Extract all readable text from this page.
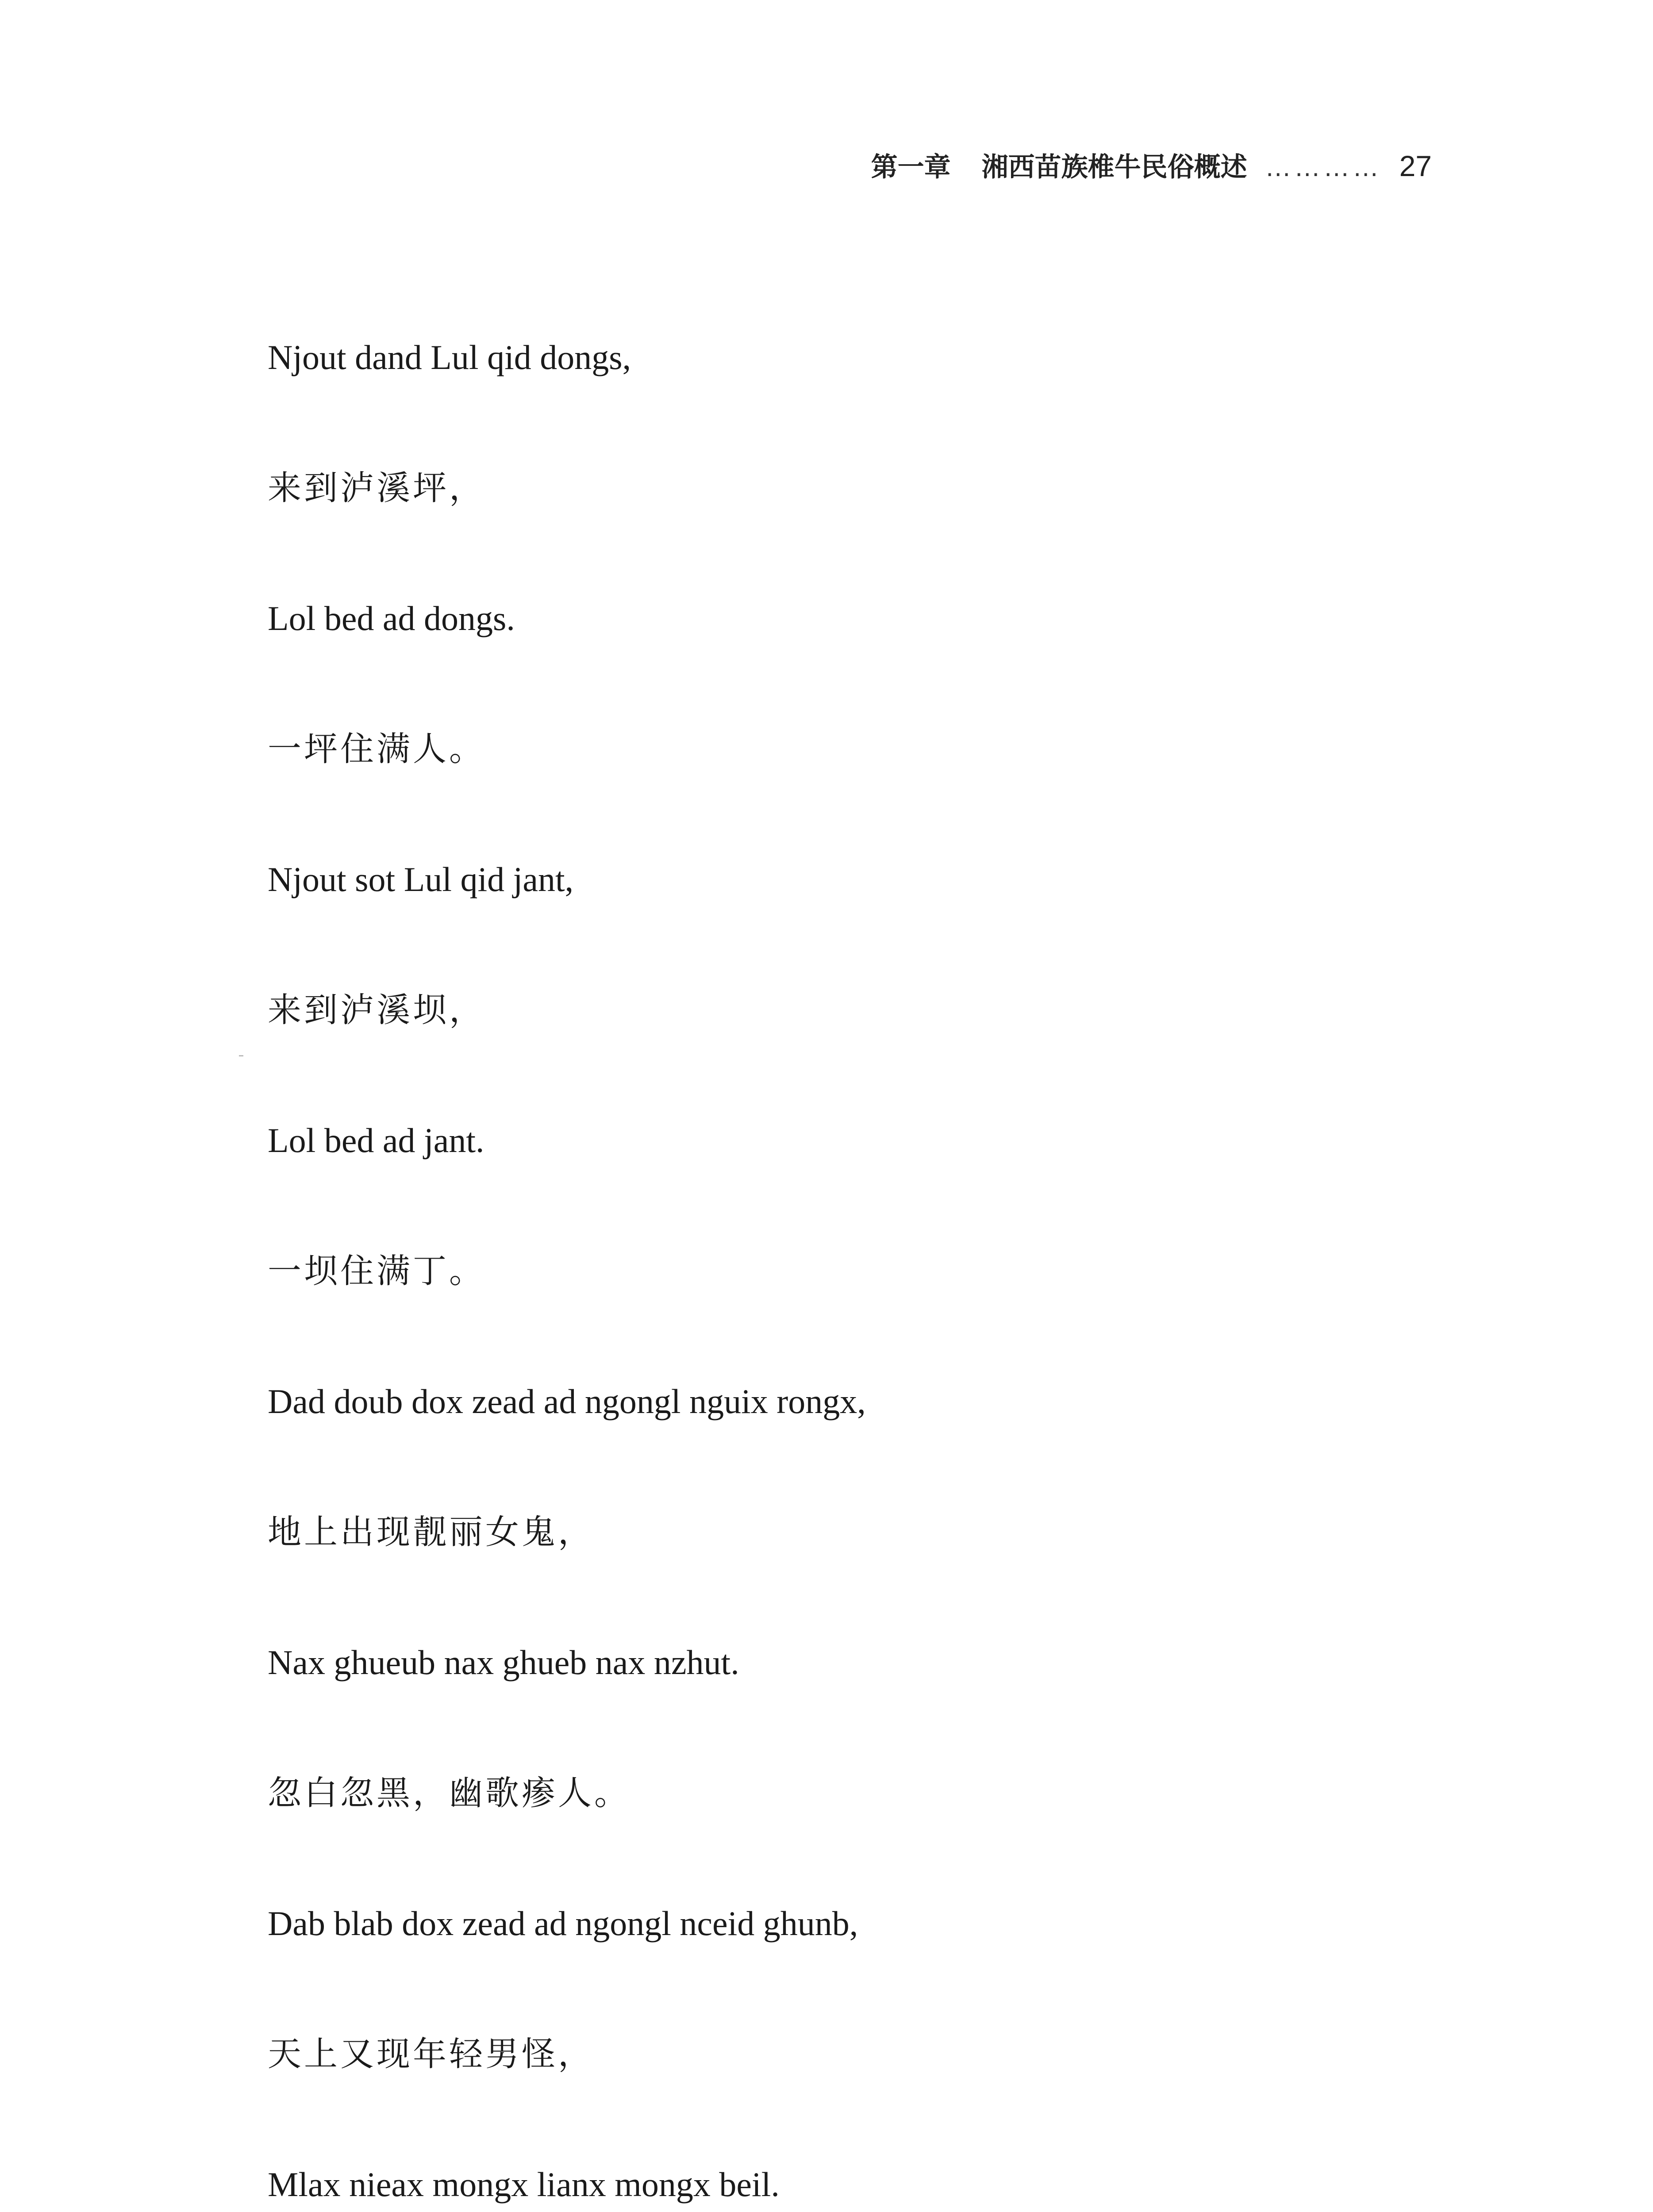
第一章 湘西苗族椎牛民俗概述 ………… 27
Njout dand Lul qid dongs,
来到泸溪坪，
Lol bed ad dongs.
一坪住满人。
Njout sot Lul qid jant,
来到泸溪坝，
Lol bed ad jant.
一坝住满丁。
Dad doub dox zead ad ngongl nguix rongx,
地上出现靓丽女鬼，
Nax ghueub nax ghueb nax nzhut.
忽白忽黑，幽歌瘆人。
Dab blab dox zead ad ngongl nceid ghunb,
天上又现年轻男怪，
Mlax nieax mongx lianx mongx beil.
